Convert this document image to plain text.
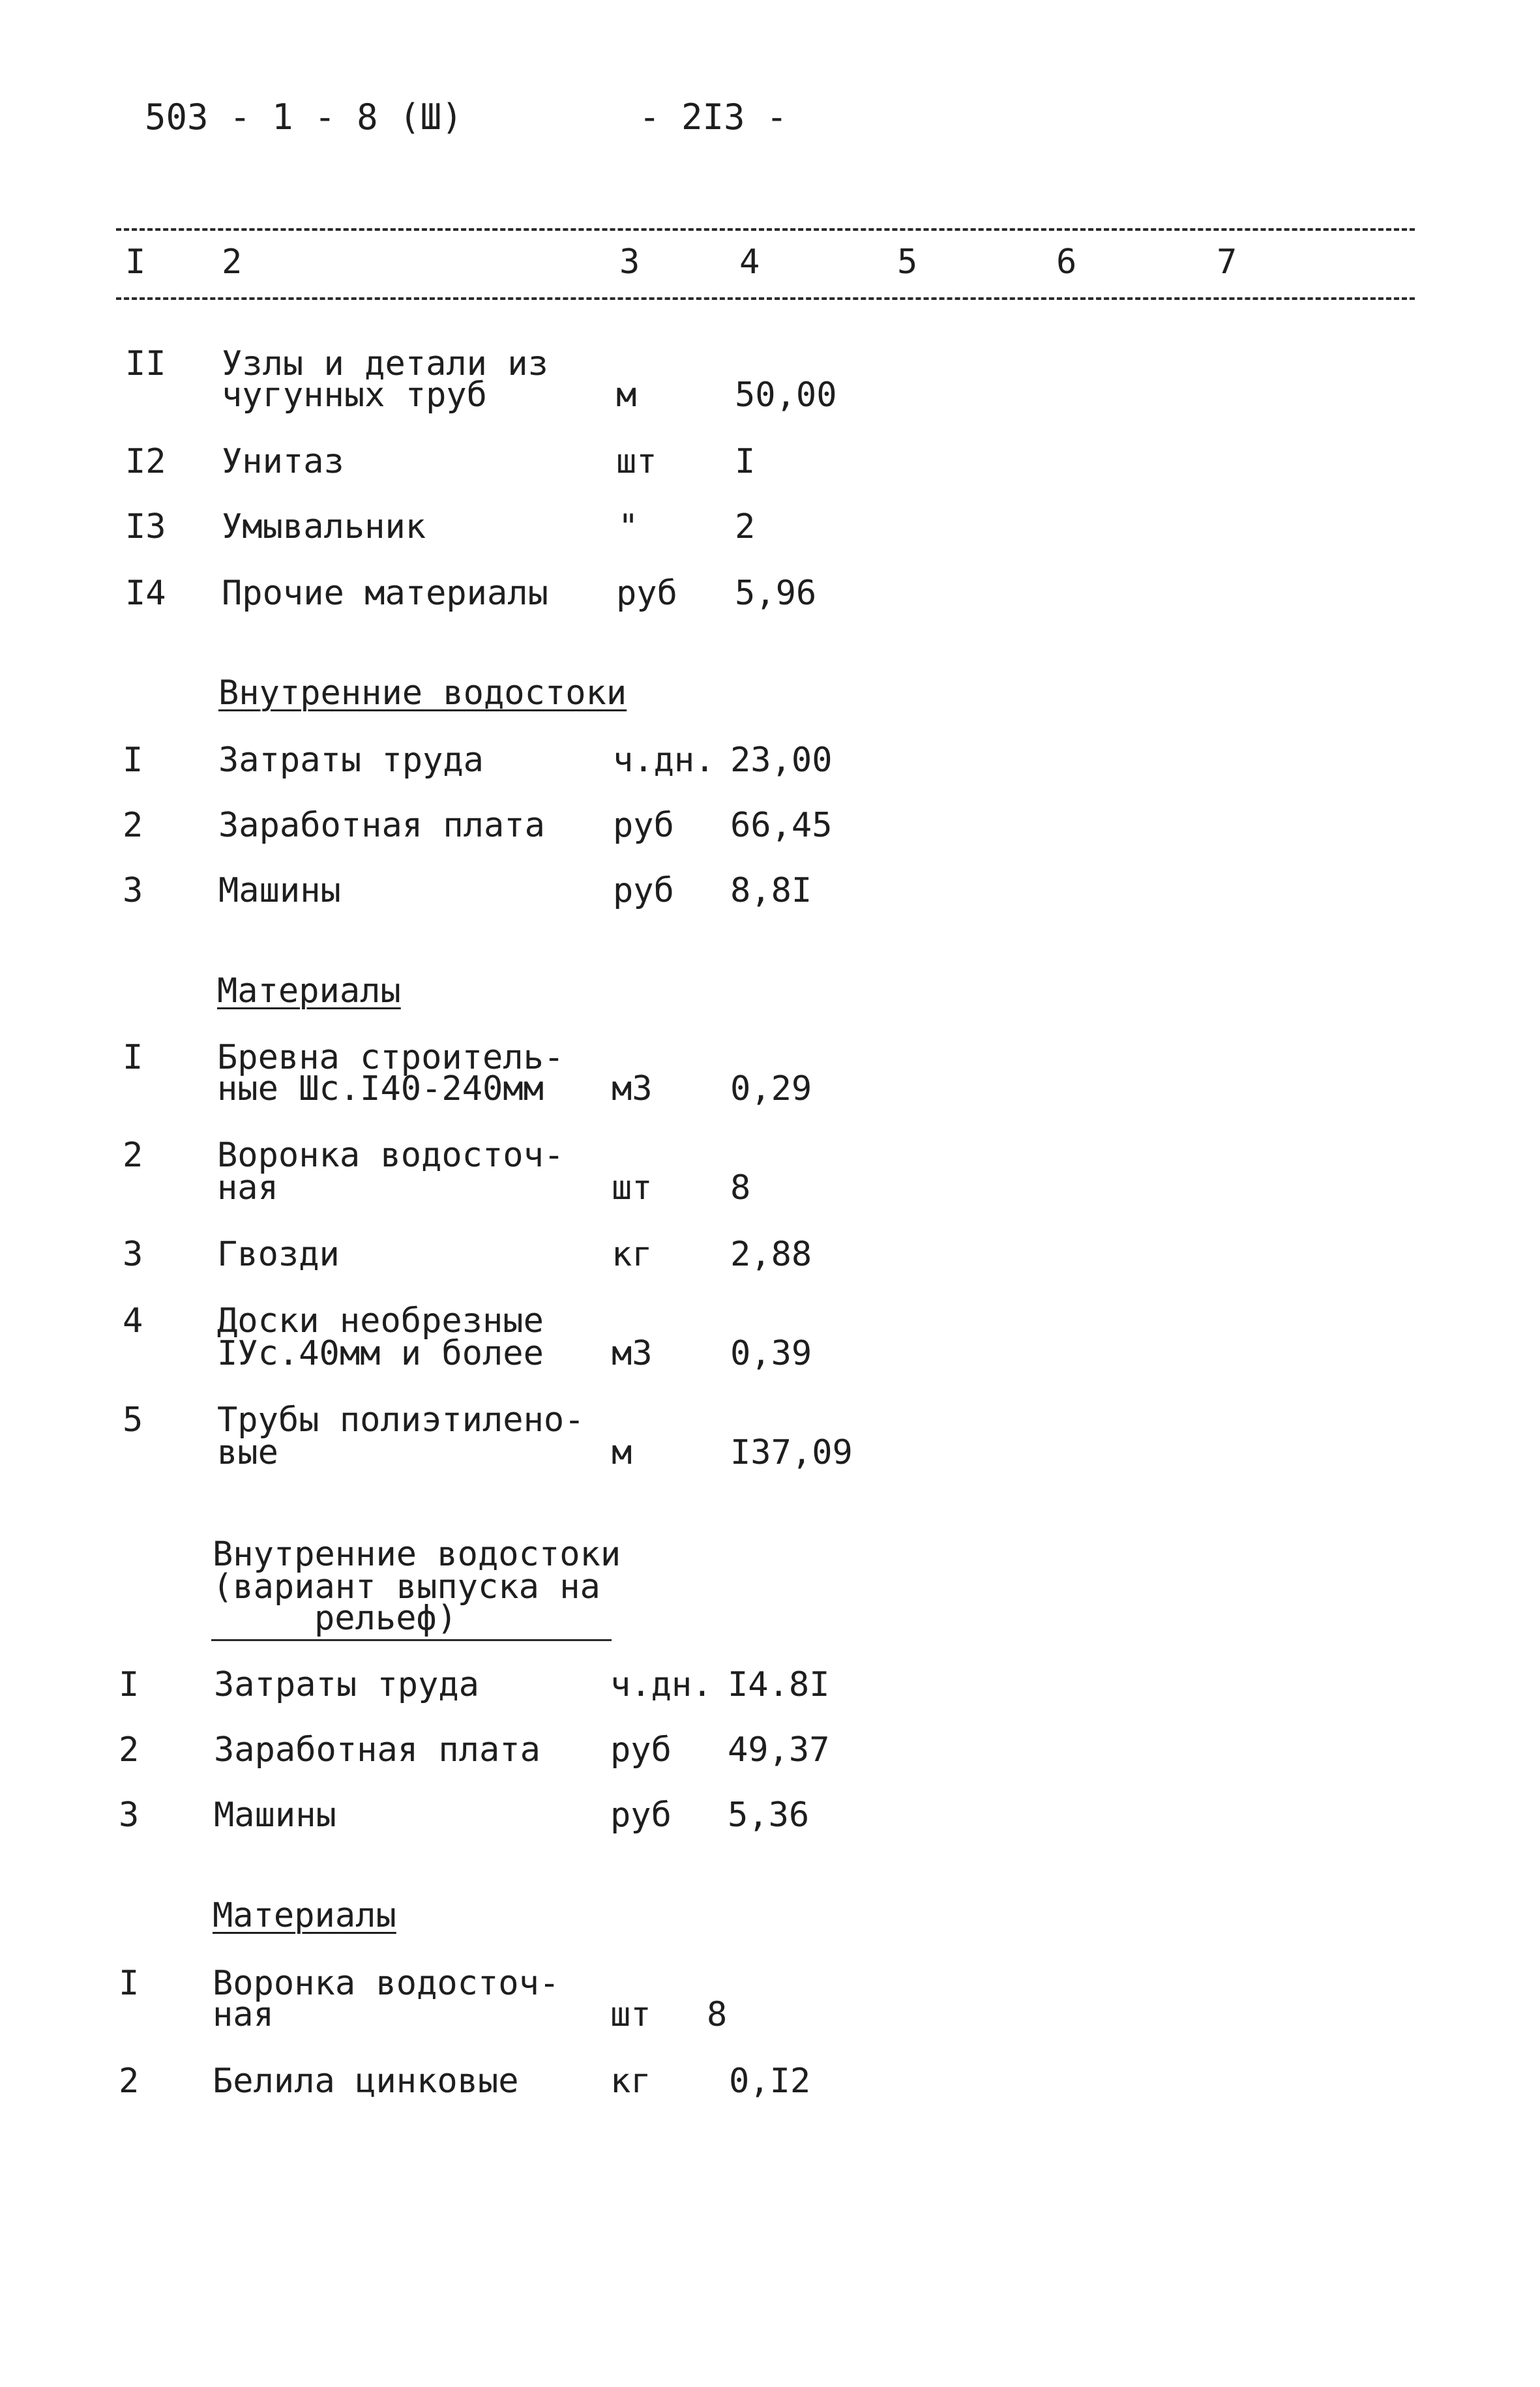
503 - 1 - 8 (Ш)	- 2I3 -
I 2	3	4	5	6	7
II Узлы и детали из
чугунных труб	м	50,00
I2 Унитаз	шт I
I3 Умывальник	"	2
I4 Прочие материалы руб 5,96
Внутренние водостоки
I Затраты труда	ч.дн. 23,00
2 Заработная плата руб 66,45
3 Машины	руб 8,8I
Материалы
I Бревна строитель-
ные Шс.I40-240мм м3 0,29
2 Воронка водосточ-
ная	шт 8
3 Гвозди	кг 2,88
4 Доски необрезные
IУс.40мм и более м3 0,39
5 Трубы полиэтилено-
вые	м	I37,09
Внутренние водостоки
(вариант выпуска на
рельеф)
I Затраты труда	ч.дн. I4.8I
2 Заработная плата руб 49,37
3 Машины	руб 5,36
Материалы
I Воронка водосточ-
ная	шт 8
2 Белила цинковые	кг 0,I2
